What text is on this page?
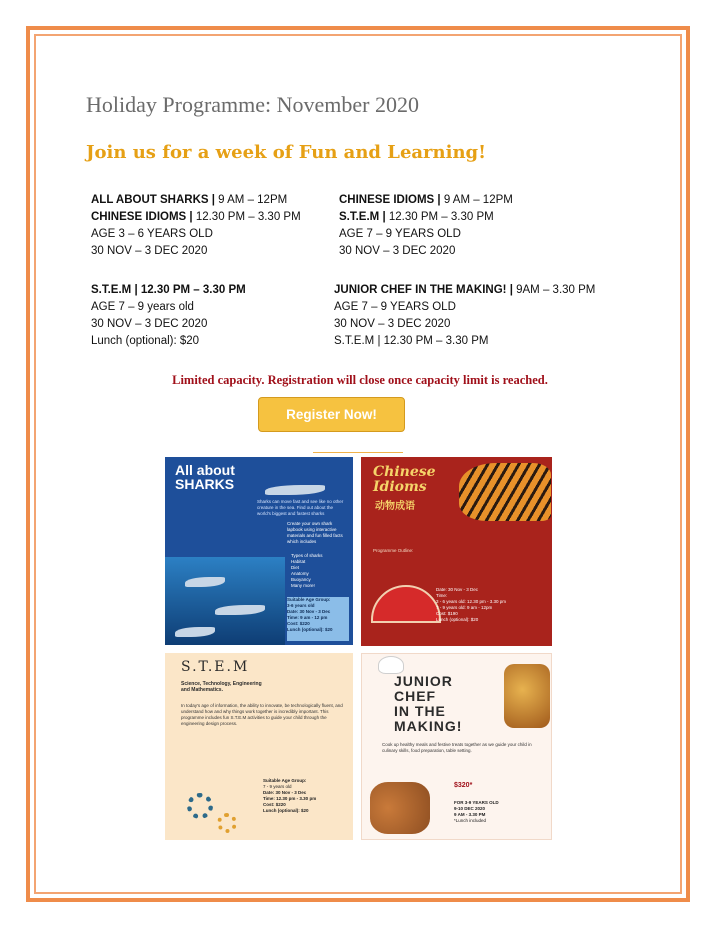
Holiday Programme: November 2020
Join us for a week of Fun and Learning!
ALL ABOUT SHARKS | 9 AM – 12PM
CHINESE IDIOMS | 12.30 PM – 3.30 PM
AGE 3 – 6 YEARS OLD
30 NOV – 3 DEC 2020
CHINESE IDIOMS | 9 AM – 12PM
S.T.E.M | 12.30 PM – 3.30 PM
AGE 7 – 9 YEARS OLD
30 NOV – 3 DEC 2020
S.T.E.M | 12.30 PM – 3.30 PM
AGE 7 – 9 years old
30 NOV – 3 DEC 2020
Lunch (optional): $20
JUNIOR CHEF IN THE MAKING! | 9AM – 3.30 PM
AGE 7 – 9 YEARS OLD
30 NOV – 3 DEC 2020
S.T.E.M | 12.30 PM – 3.30 PM
Limited capacity. Registration will close once capacity limit is reached.
Register Now!
All about
SHARKS
Sharks can move fast and see like no other creature in the sea. Find out about the world's biggest and fastest sharks
Create your own shark lapbook using interactive materials and fun filled facts which includes
Types of sharks
Habitat
Diet
Anatomy
Buoyancy
Many more!
Suitable Age Group:
3-6 years old
Date: 30 Nov - 3 Dec
Time: 9 am - 12 pm
Cost: $220
Lunch (optional): $20
Chinese
Idioms
动物成语
Programme Outline:
Date: 30 Nov - 3 Dec
Time:
3 - 6 years old: 12.30 pm - 3.30 pm
7 - 9 years old: 9 am - 12pm
Cost: $190
Lunch (optional): $20
S.T.E.M
Science, Technology, Engineering
and Mathematics.
In today's age of information, the ability to innovate, be technologically fluent, and understand how and why things work together is incredibly important. This programme includes fun S.T.E.M activities to guide your child through the engineering design process.
Suitable Age Group:
7 - 9 years old
Date: 30 Nov - 3 Dec
Time: 12.30 pm - 3.30 pm
Cost: $220
Lunch (optional): $20
JUNIOR
CHEF
IN THE
MAKING!
Cook up healthy meals and festive treats together as we guide your child in culinary skills, food preparation, table setting.
$320*
FOR 3-9 YEARS OLD
9-10 DEC 2020
9 AM - 3.30 PM
*Lunch included
